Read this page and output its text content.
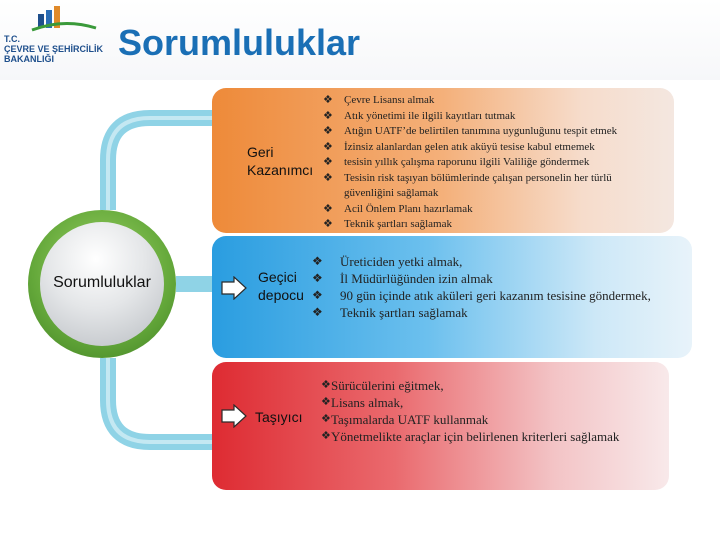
T.C.
ÇEVRE VE ŞEHİRCİLİK
BAKANLIĞI	Sorumluluklar
Sorumluluklar
Geri
Kazanımcı
Geçici
depocu
Taşıyıcı
❖ Çevre Lisansı almak
❖ Atık yönetimi ile ilgili kayıtları tutmak
❖ Atığın UATF’de belirtilen tanımına uygunluğunu tespit etmek
❖ İzinsiz alanlardan gelen atık aküyü tesise kabul etmemek
❖ tesisin yıllık çalışma raporunu ilgili Valiliğe göndermek
❖ Tesisin risk taşıyan bölümlerinde çalışan personelin her türlü
güvenliğini sağlamak
❖ Acil Önlem Planı hazırlamak
❖ Teknik şartları sağlamak
❖ Üreticiden yetki almak,
❖ İl Müdürlüğünden izin almak
❖ 90 gün içinde atık aküleri geri kazanım tesisine göndermek,
❖ Teknik şartları sağlamak
❖ Sürücülerini eğitmek,
❖ Lisans almak,
❖ Taşımalarda UATF kullanmak
❖ Yönetmelikte araçlar için belirlenen kriterleri sağlamak
